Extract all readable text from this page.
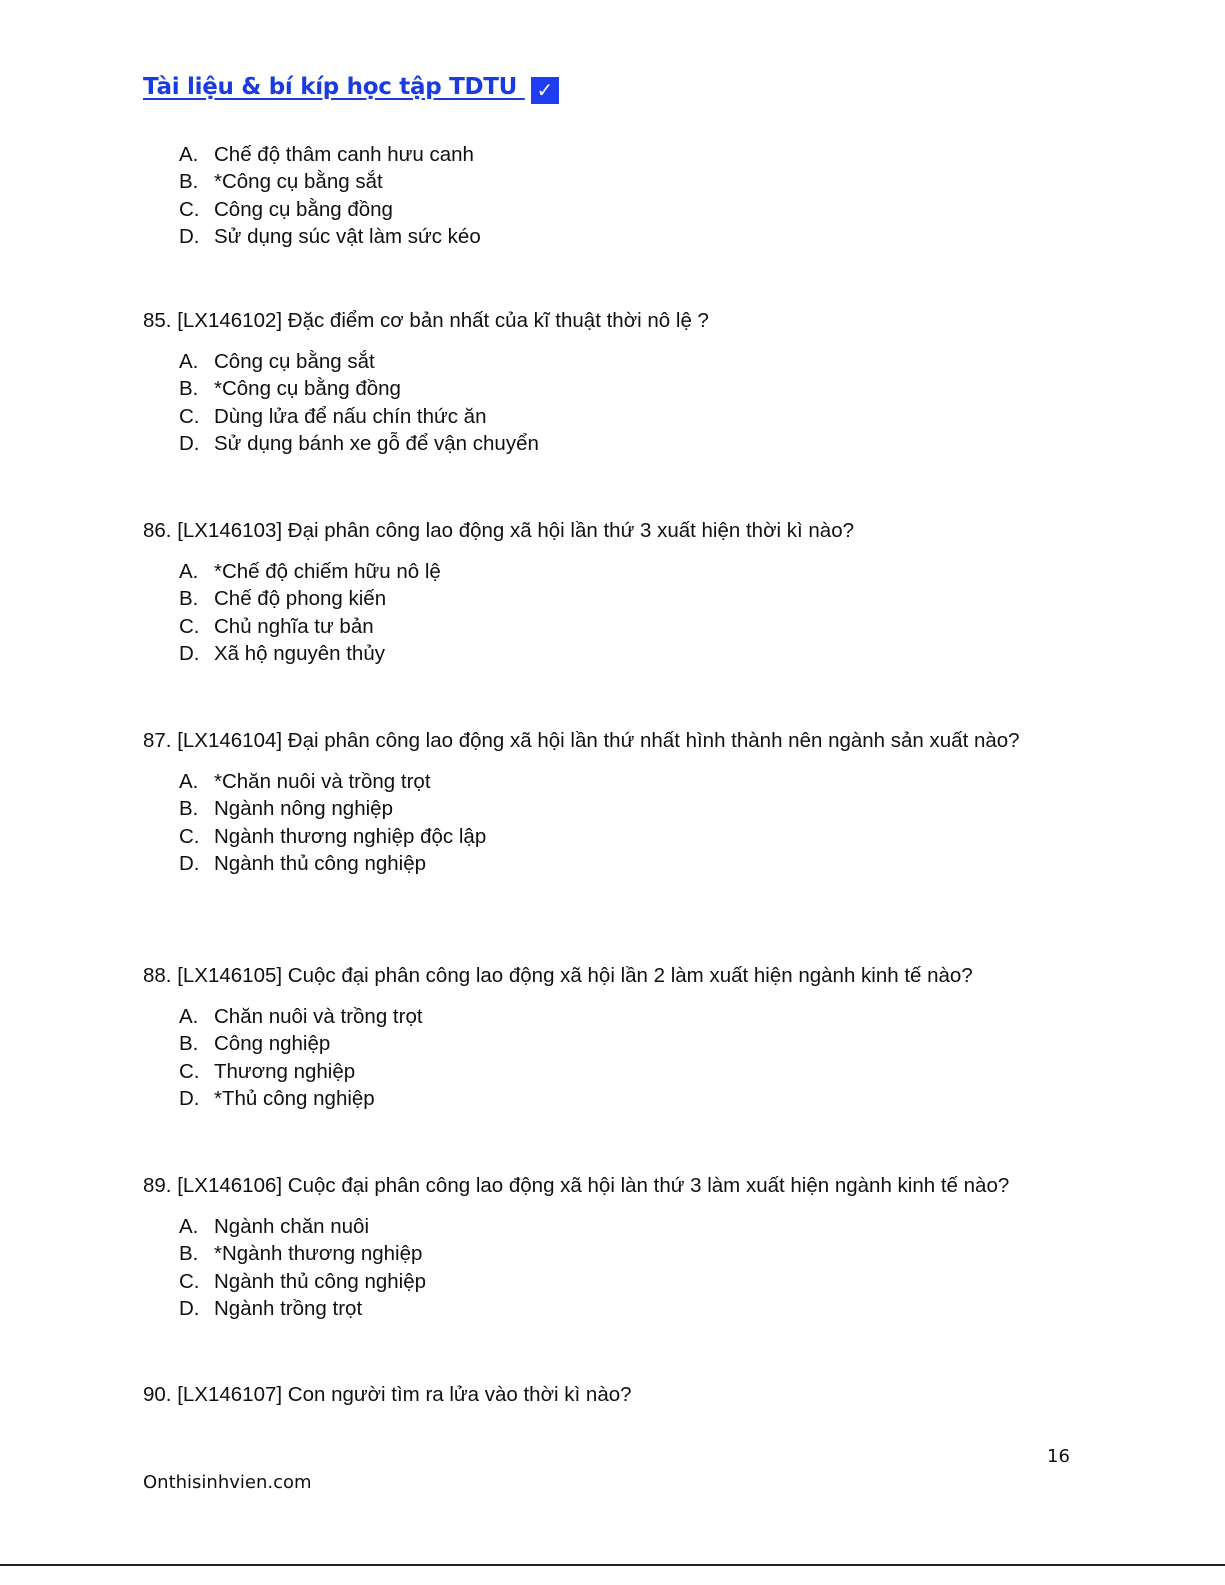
Tài liệu & bí kíp học tập TDTU ✓
A. Chế độ thâm canh hưu canh
B. *Công cụ bằng sắt
C. Công cụ bằng đồng
D. Sử dụng súc vật làm sức kéo

85. [LX146102] Đặc điểm cơ bản nhất của kĩ thuật thời nô lệ ?

A. Công cụ bằng sắt
B. *Công cụ bằng đồng
C. Dùng lửa để nấu chín thức ăn
D. Sử dụng bánh xe gỗ để vận chuyển

86. [LX146103] Đại phân công lao động xã hội lần thứ 3 xuất hiện thời kì nào?

A. *Chế độ chiếm hữu nô lệ
B. Chế độ phong kiến
C. Chủ nghĩa tư bản
D. Xã hộ nguyên thủy

87. [LX146104] Đại phân công lao động xã hội lần thứ nhất hình thành nên ngành sản xuất nào?

A. *Chăn nuôi và trồng trọt
B. Ngành nông nghiệp
C. Ngành thương nghiệp độc lập
D. Ngành thủ công nghiệp

88. [LX146105] Cuộc đại phân công lao động xã hội lần 2 làm xuất hiện ngành kinh tế nào?

A. Chăn nuôi và trồng trọt
B. Công nghiệp
C. Thương nghiệp
D. *Thủ công nghiệp

89. [LX146106] Cuộc đại phân công lao động xã hội làn thứ 3 làm xuất hiện ngành kinh tế nào?

A. Ngành chăn nuôi
B. *Ngành thương nghiệp
C. Ngành thủ công nghiệp
D. Ngành trồng trọt

90. [LX146107] Con người tìm ra lửa vào thời kì nào?

16
Onthisinhvien.com
